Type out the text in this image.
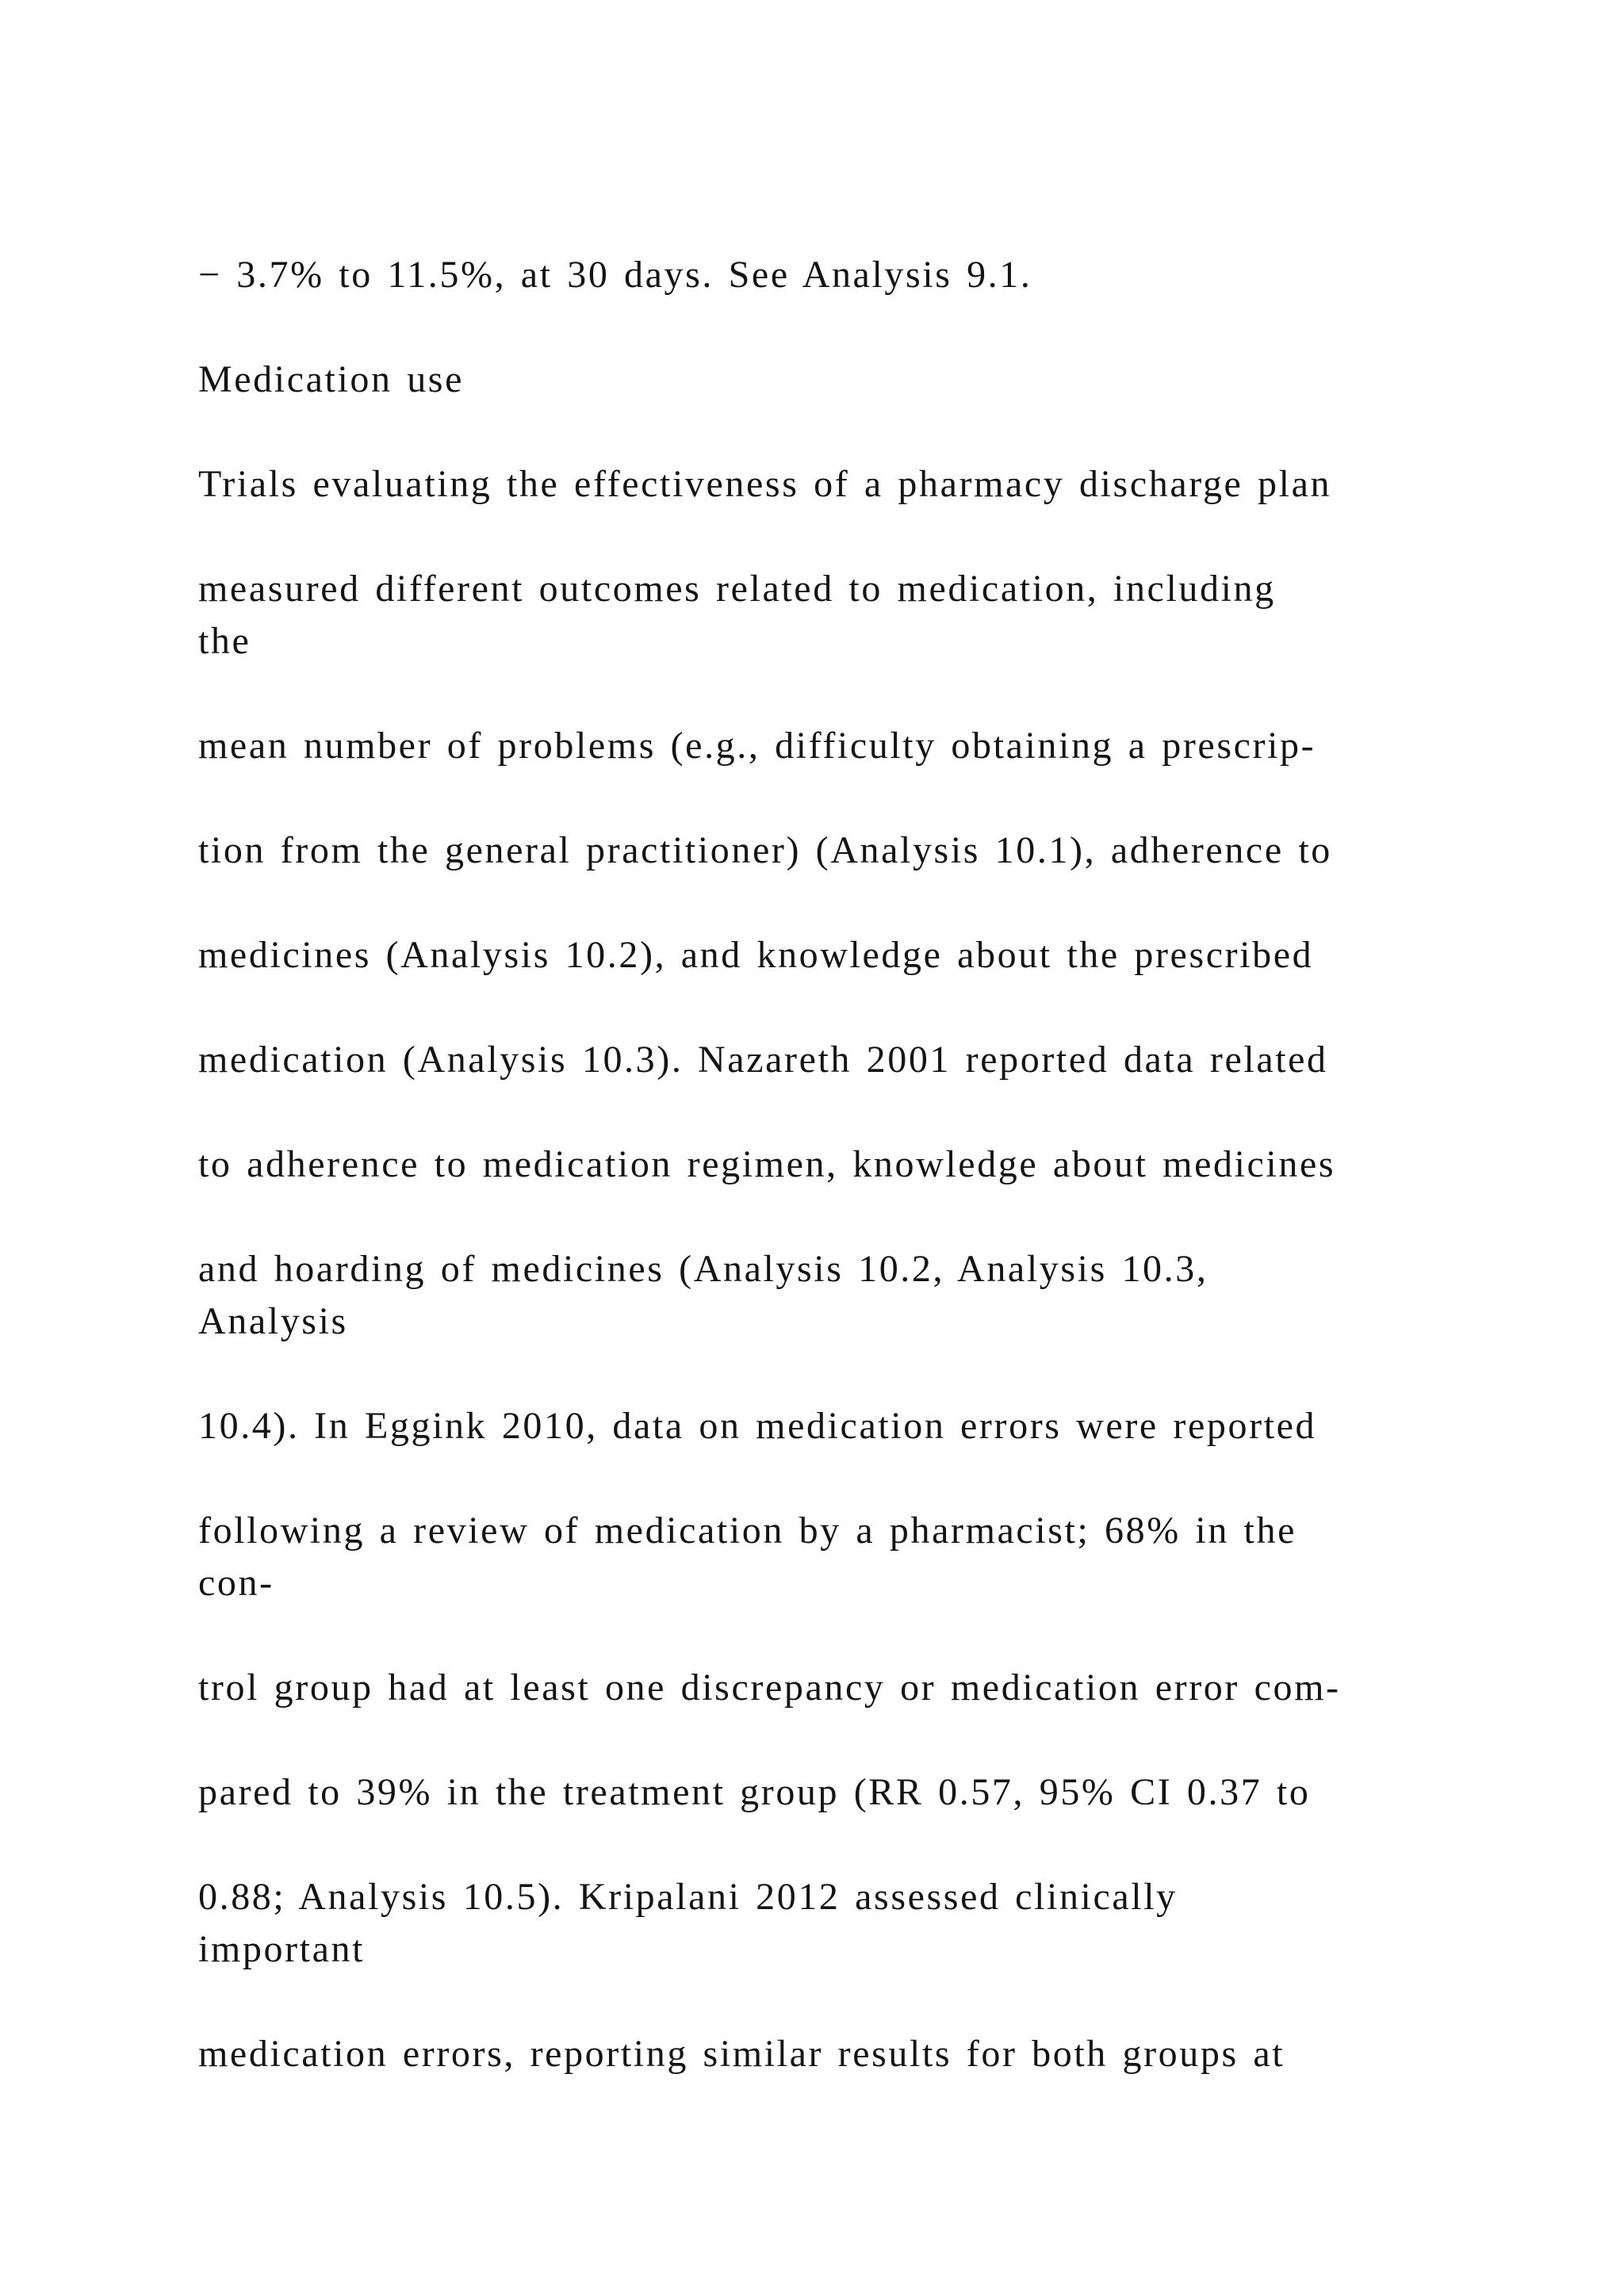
− 3.7% to 11.5%, at 30 days. See Analysis 9.1.

Medication use

Trials evaluating the effectiveness of a pharmacy discharge plan

measured different outcomes related to medication, including

the

mean number of problems (e.g., difficulty obtaining a prescrip-

tion from the general practitioner) (Analysis 10.1), adherence to

medicines (Analysis 10.2), and knowledge about the prescribed

medication (Analysis 10.3). Nazareth 2001 reported data related

to adherence to medication regimen, knowledge about medicines

and hoarding of medicines (Analysis 10.2, Analysis 10.3,

Analysis

10.4). In Eggink 2010, data on medication errors were reported

following a review of medication by a pharmacist; 68% in the

con-

trol group had at least one discrepancy or medication error com-

pared to 39% in the treatment group (RR 0.57, 95% CI 0.37 to

0.88; Analysis 10.5). Kripalani 2012 assessed clinically

important

medication errors, reporting similar results for both groups at
